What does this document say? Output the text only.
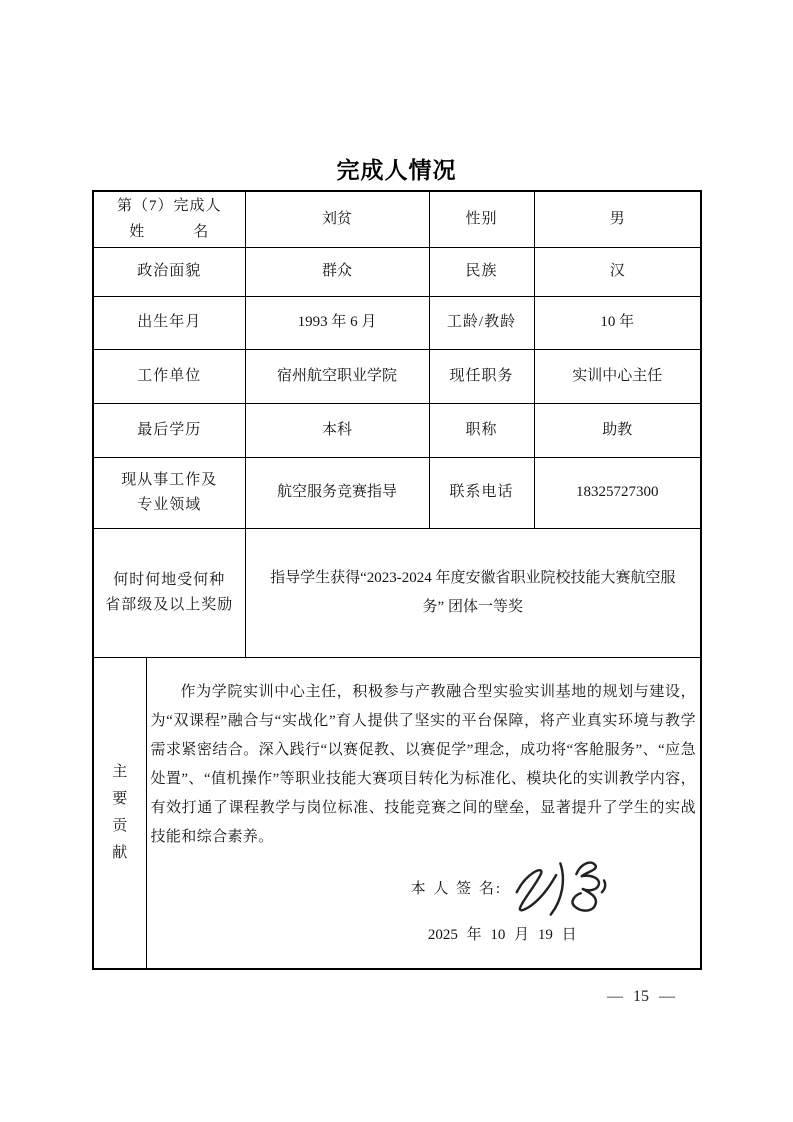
完成人情况
第（7）完成人
姓　　　名		刘贫	性别	男
政治面貌		群众	民族	汉
出生年月		1993 年 6 月	工龄/教龄	10 年
工作单位		宿州航空职业学院	现任职务	实训中心主任
最后学历		本科	职称	助教

现从事工作及
专业领域		航空服务竞赛指导	联系电话	18325727300

何时何地受何种
省部级及以上奖励

指导学生获得“2023-2024 年度安徽省职业院校技能大赛航空服
务” 团体一等奖

主
要
贡
献

作为学院实训中心主任，积极参与产教融合型实验实训基地的规划与建设，为“双课程”融合与“实战化”育人提供了坚实的平台保障，将产业真实环境与教学需求紧密结合。深入践行“以赛促教、以赛促学”理念，成功将“客舱服务”、“应急处置”、“值机操作”等职业技能大赛项目转化为标准化、模块化的实训教学内容，有效打通了课程教学与岗位标准、技能竞赛之间的壁垒，显著提升了学生的实战技能和综合素养。
本 人 签 名:
2025 年 10 月 19 日
— 15 —
